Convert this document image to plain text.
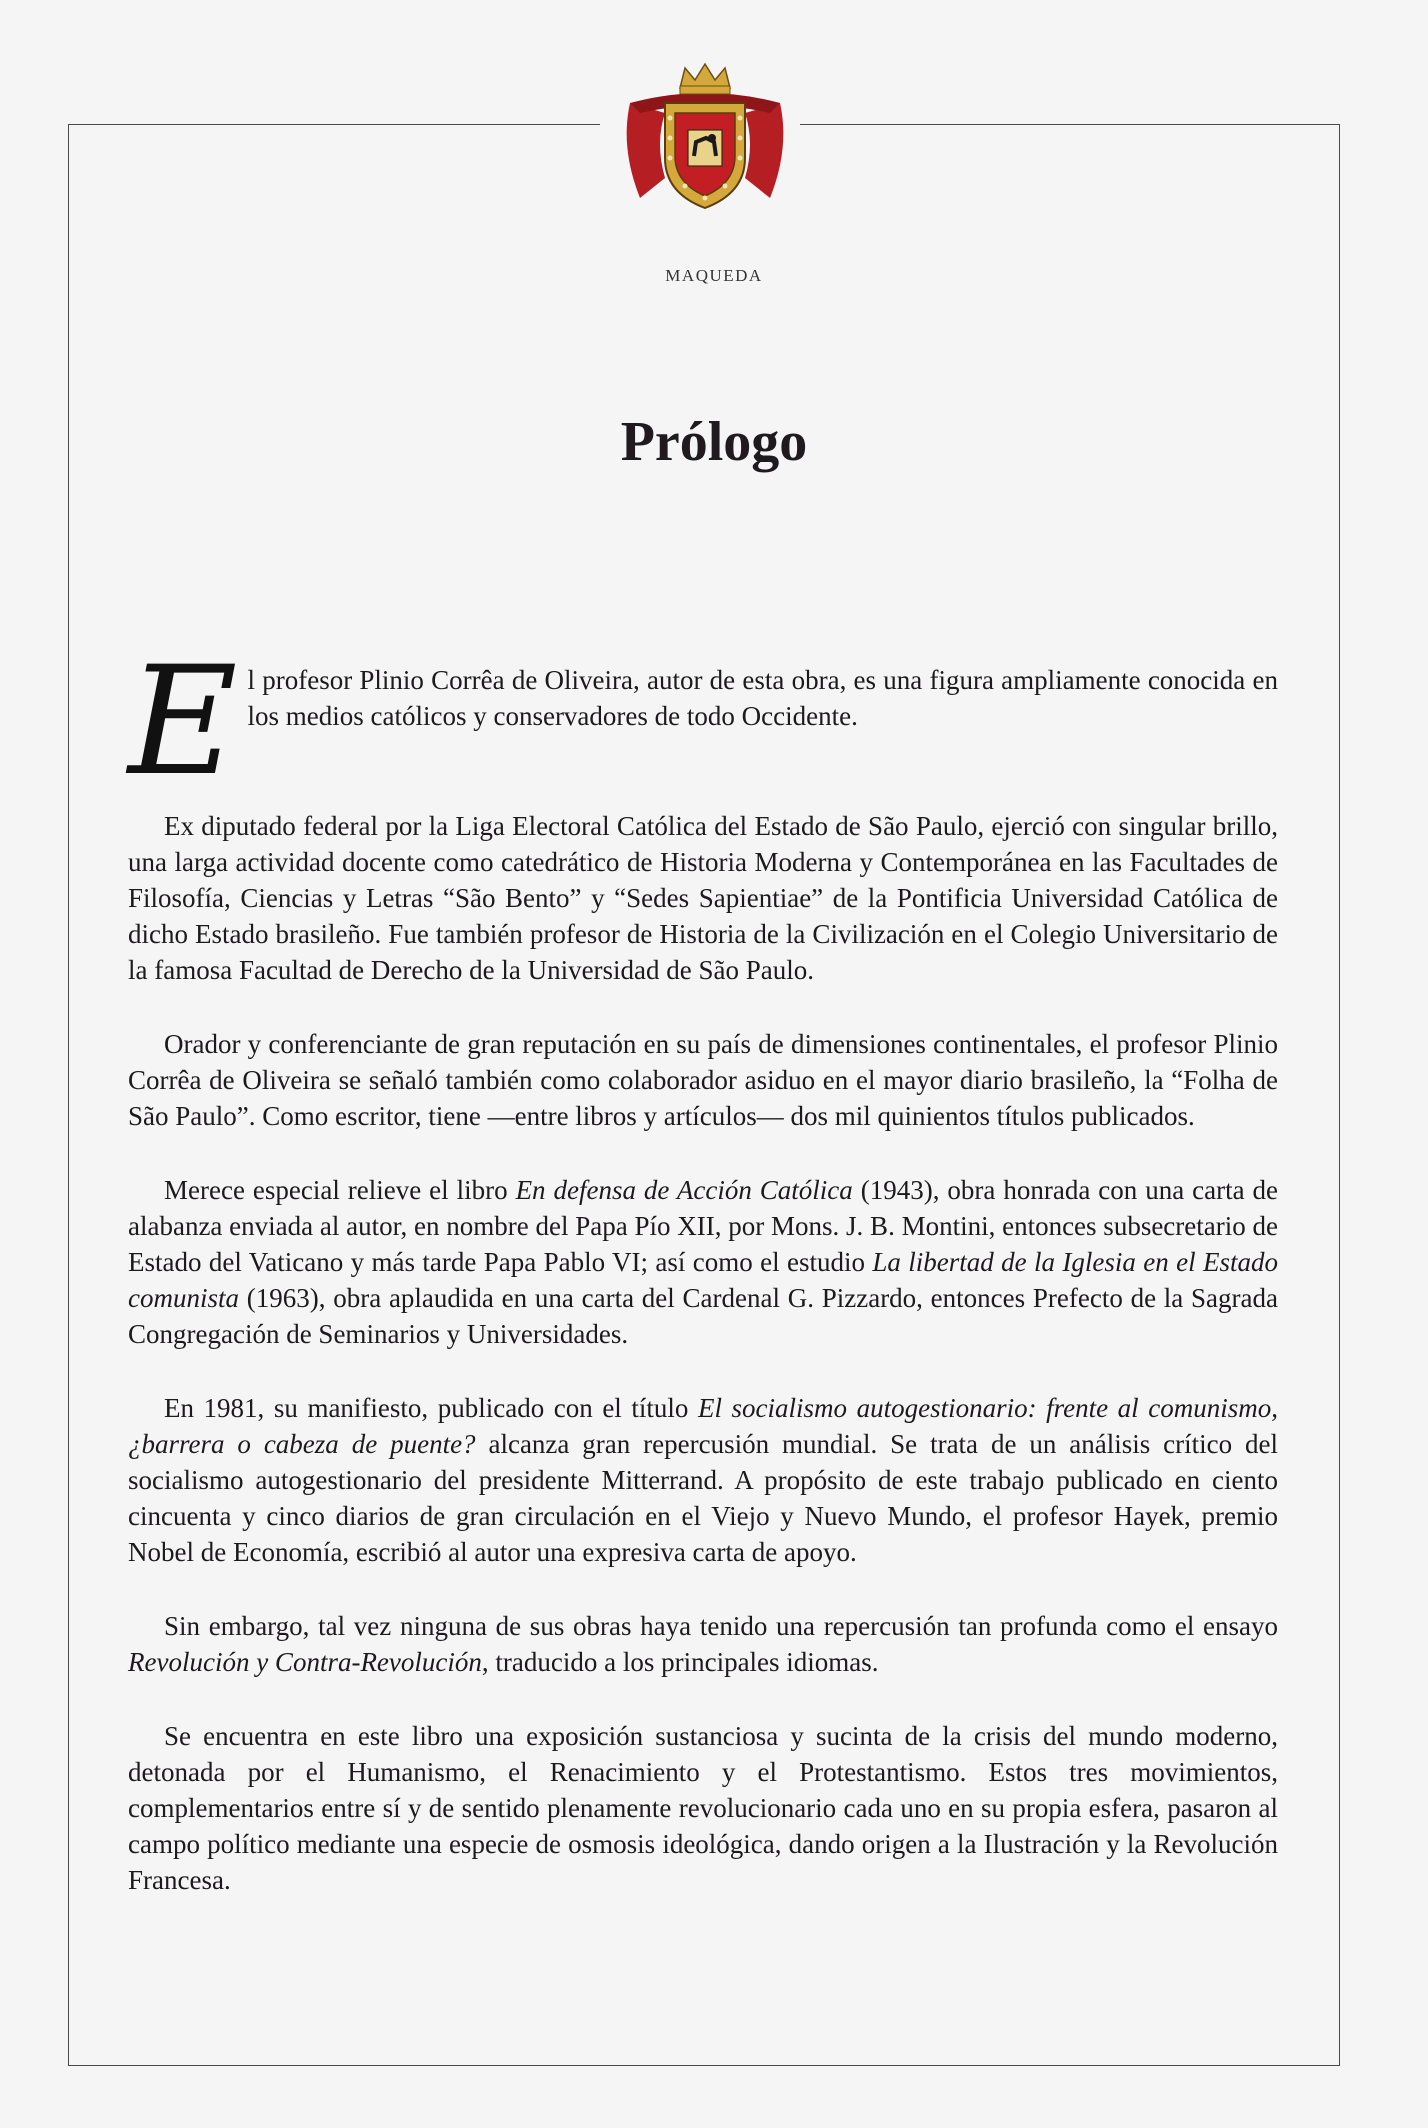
MAQUEDA
Prólogo

El profesor Plinio Corrêa de Oliveira, autor de esta obra, es una figura ampliamente conocida en los medios católicos y conservadores de todo Occidente.

Ex diputado federal por la Liga Electoral Católica del Estado de São Paulo, ejerció con singular brillo, una larga actividad docente como catedrático de Historia Moderna y Contemporánea en las Facultades de Filosofía, Ciencias y Letras “São Bento” y “Sedes Sapientiae” de la Pontificia Universidad Católica de dicho Estado brasileño. Fue también profesor de Historia de la Civilización en el Colegio Universitario de la famosa Facultad de Derecho de la Universidad de São Paulo.

Orador y conferenciante de gran reputación en su país de dimensiones continentales, el profesor Plinio Corrêa de Oliveira se señaló también como colaborador asiduo en el mayor diario brasileño, la “Folha de São Paulo”. Como escritor, tiene —entre libros y artículos— dos mil quinientos títulos publicados.

Merece especial relieve el libro En defensa de Acción Católica (1943), obra honrada con una carta de alabanza enviada al autor, en nombre del Papa Pío XII, por Mons. J. B. Montini, entonces subsecretario de Estado del Vaticano y más tarde Papa Pablo VI; así como el estudio La libertad de la Iglesia en el Estado comunista (1963), obra aplaudida en una carta del Cardenal G. Pizzardo, entonces Prefecto de la Sagrada Congregación de Seminarios y Universidades.

En 1981, su manifiesto, publicado con el título El socialismo autogestionario: frente al comunismo, ¿barrera o cabeza de puente? alcanza gran repercusión mundial. Se trata de un análisis crítico del socialismo autogestionario del presidente Mitterrand. A propósito de este trabajo publicado en ciento cincuenta y cinco diarios de gran circulación en el Viejo y Nuevo Mundo, el profesor Hayek, premio Nobel de Economía, escribió al autor una expresiva carta de apoyo.

Sin embargo, tal vez ninguna de sus obras haya tenido una repercusión tan profunda como el ensayo Revolución y Contra-Revolución, traducido a los principales idiomas.

Se encuentra en este libro una exposición sustanciosa y sucinta de la crisis del mundo moderno, detonada por el Humanismo, el Renacimiento y el Protestantismo. Estos tres movimientos, complementarios entre sí y de sentido plenamente revolucionario cada uno en su propia esfera, pasaron al campo político mediante una especie de osmosis ideológica, dando origen a la Ilustración y la Revolución Francesa.
